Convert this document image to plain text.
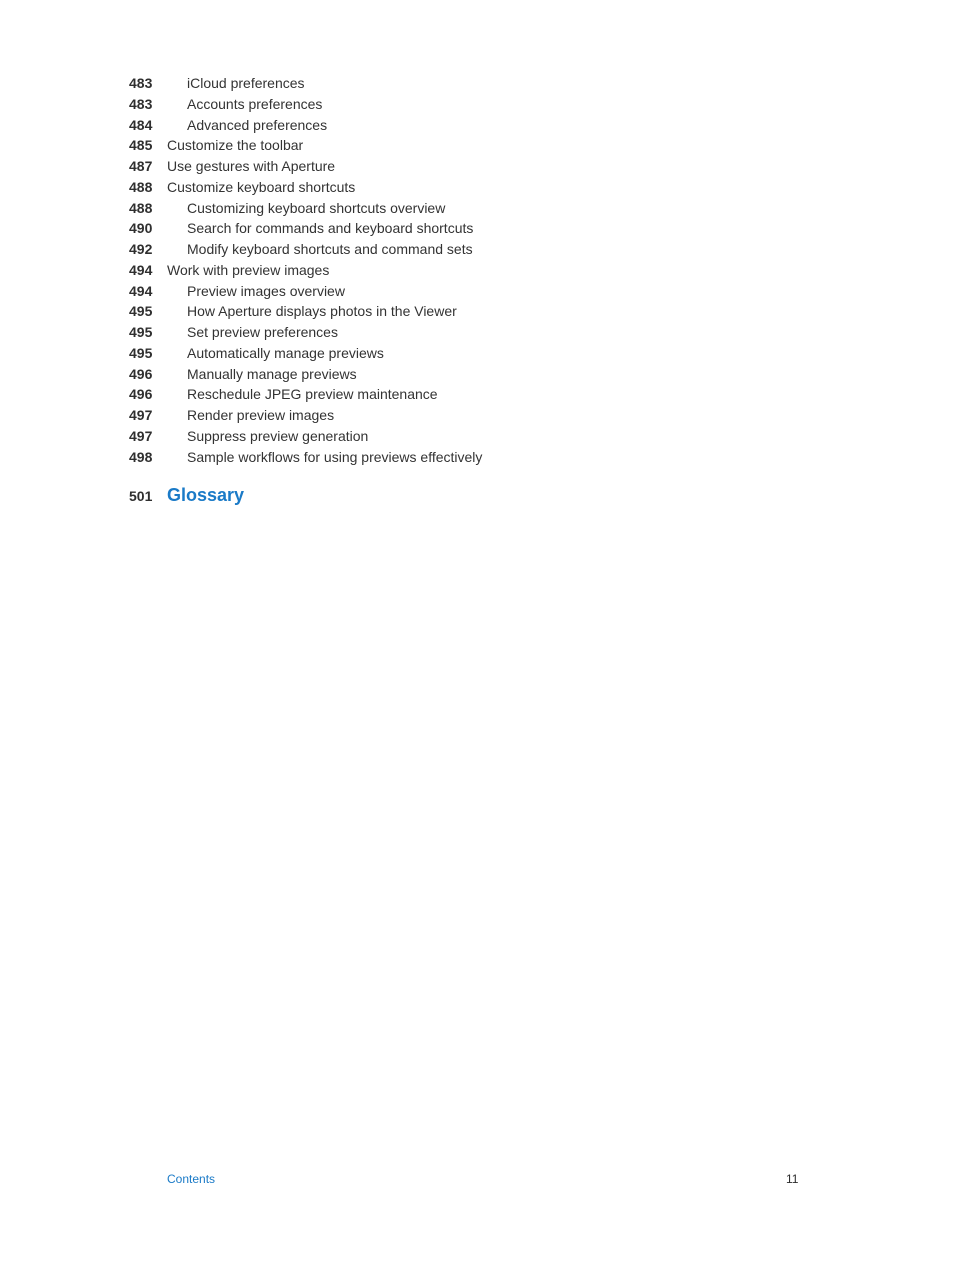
483	iCloud preferences
483	Accounts preferences
484	Advanced preferences
485	Customize the toolbar
487	Use gestures with Aperture
488	Customize keyboard shortcuts
488	Customizing keyboard shortcuts overview
490	Search for commands and keyboard shortcuts
492	Modify keyboard shortcuts and command sets
494	Work with preview images
494	Preview images overview
495	How Aperture displays photos in the Viewer
495	Set preview preferences
495	Automatically manage previews
496	Manually manage previews
496	Reschedule JPEG preview maintenance
497	Render preview images
497	Suppress preview generation
498	Sample workflows for using previews effectively
501 Glossary
Contents	11
